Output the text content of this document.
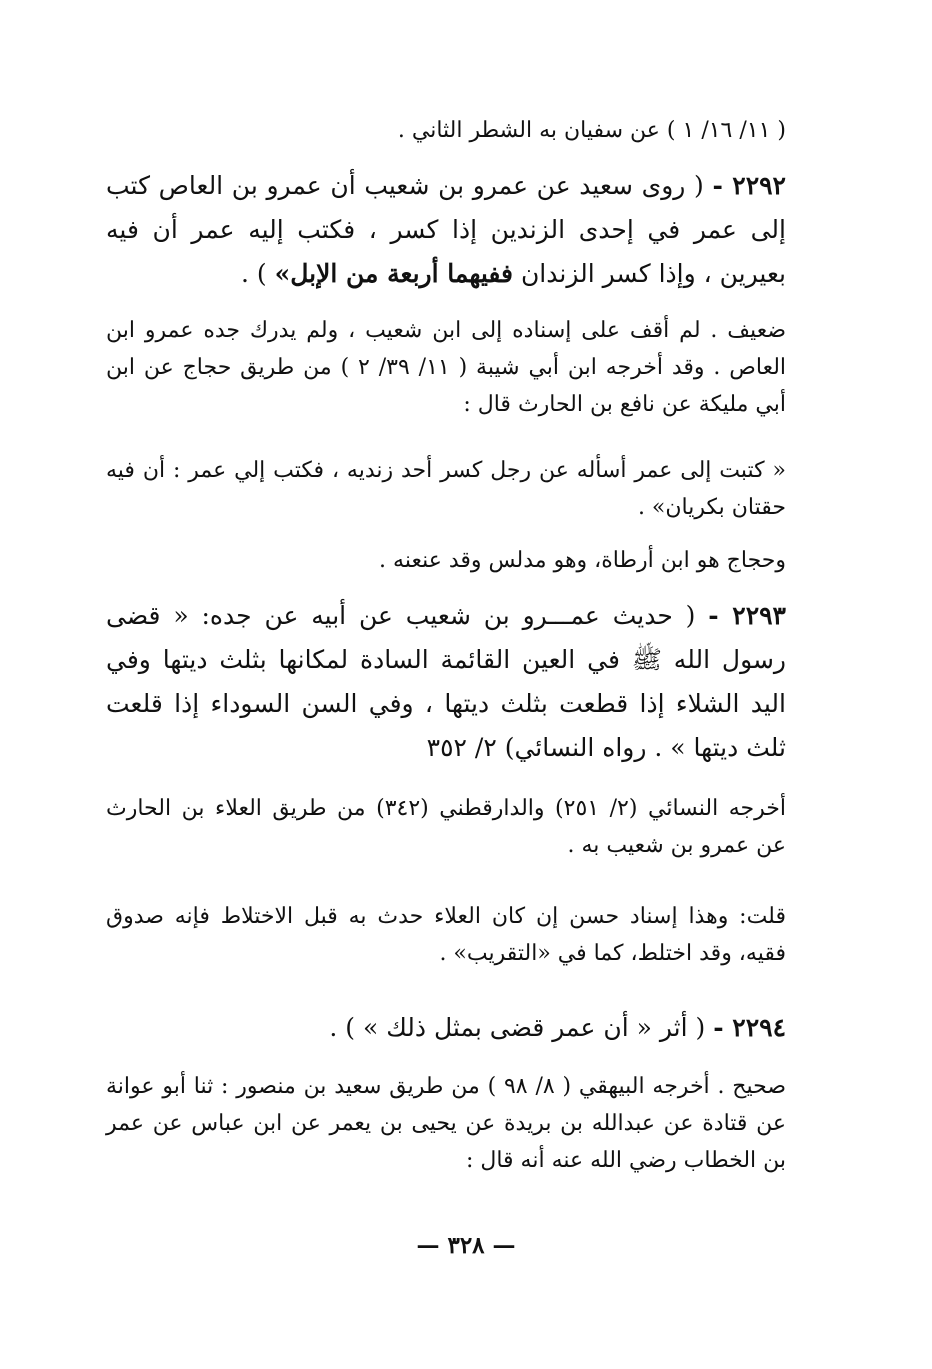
( ١١/ ١٦/ ١ ) عن سفيان به الشطر الثاني .

٢٢٩٢ - ( روى سعيد عن عمرو بن شعيب أن عمرو بن العاص كتب إلى عمر في إحدى الزندين إذا كسر ، فكتب إليه عمر أن فيه بعيرين ، وإذا كسر الزندان ففيهما أربعة من الإبل» ) .

ضعيف . لم أقف على إسناده إلى ابن شعيب ، ولم يدرك جده عمرو ابن العاص . وقد أخرجه ابن أبي شيبة ( ١١/ ٣٩/ ٢ ) من طريق حجاج عن ابن أبي مليكة عن نافع بن الحارث قال :

« كتبت إلى عمر أسأله عن رجل كسر أحد زنديه ، فكتب إلي عمر : أن فيه حقتان بكريان» .

وحجاج هو ابن أرطاة، وهو مدلس وقد عنعنه .

٢٢٩٣ - ( حديث عمـــرو بن شعيب عن أبيه عن جده: « قضى رسول الله ﷺ في العين القائمة السادة لمكانها بثلث ديتها وفي اليد الشلاء إذا قطعت بثلث ديتها ، وفي السن السوداء إذا قلعت ثلث ديتها » . رواه النسائي) ٢/ ٣٥٢

أخرجه النسائي (٢/ ٢٥١) والدارقطني (٣٤٢) من طريق العلاء بن الحارث عن عمرو بن شعيب به .

قلت: وهذا إسناد حسن إن كان العلاء حدث به قبل الاختلاط فإنه صدوق فقيه، وقد اختلط، كما في «التقريب» .

٢٢٩٤ - ( أثر « أن عمر قضى بمثل ذلك » ) .

صحيح . أخرجه البيهقي ( ٨/ ٩٨ ) من طريق سعيد بن منصور : ثنا أبو عوانة عن قتادة عن عبدالله بن بريدة عن يحيى بن يعمر عن ابن عباس عن عمر بن الخطاب رضي الله عنه أنه قال :

— ٣٢٨ —
